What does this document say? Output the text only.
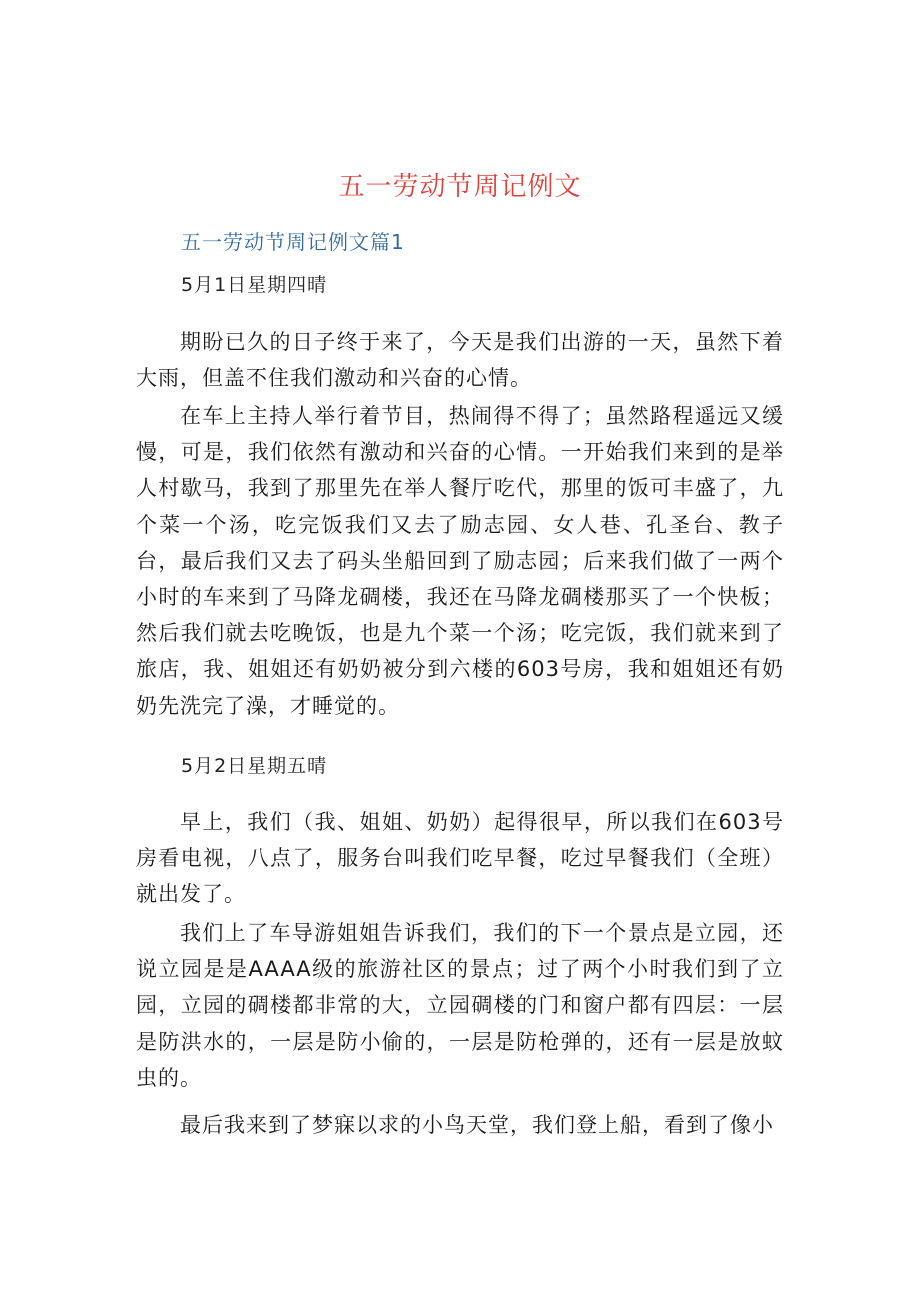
五一劳动节周记例文
五一劳动节周记例文篇1
5月1日星期四晴

期盼已久的日子终于来了，今天是我们出游的一天，虽然下着大雨，但盖不住我们激动和兴奋的心情。

在车上主持人举行着节目，热闹得不得了；虽然路程遥远又缓慢，可是，我们依然有激动和兴奋的心情。一开始我们来到的是举人村歇马，我到了那里先在举人餐厅吃代，那里的饭可丰盛了，九个菜一个汤，吃完饭我们又去了励志园、女人巷、孔圣台、教子台，最后我们又去了码头坐船回到了励志园；后来我们做了一两个小时的车来到了马降龙碉楼，我还在马降龙碉楼那买了一个快板；然后我们就去吃晚饭，也是九个菜一个汤；吃完饭，我们就来到了旅店，我、姐姐还有奶奶被分到六楼的603号房，我和姐姐还有奶奶先洗完了澡，才睡觉的。

5月2日星期五晴

早上，我们（我、姐姐、奶奶）起得很早，所以我们在603号房看电视，八点了，服务台叫我们吃早餐，吃过早餐我们（全班）就出发了。

我们上了车导游姐姐告诉我们，我们的下一个景点是立园，还说立园是是AAAA级的旅游社区的景点；过了两个小时我们到了立园，立园的碉楼都非常的大，立园碉楼的门和窗户都有四层：一层是防洪水的，一层是防小偷的，一层是防枪弹的，还有一层是放蚊虫的。

最后我来到了梦寐以求的小鸟天堂，我们登上船，看到了像小
